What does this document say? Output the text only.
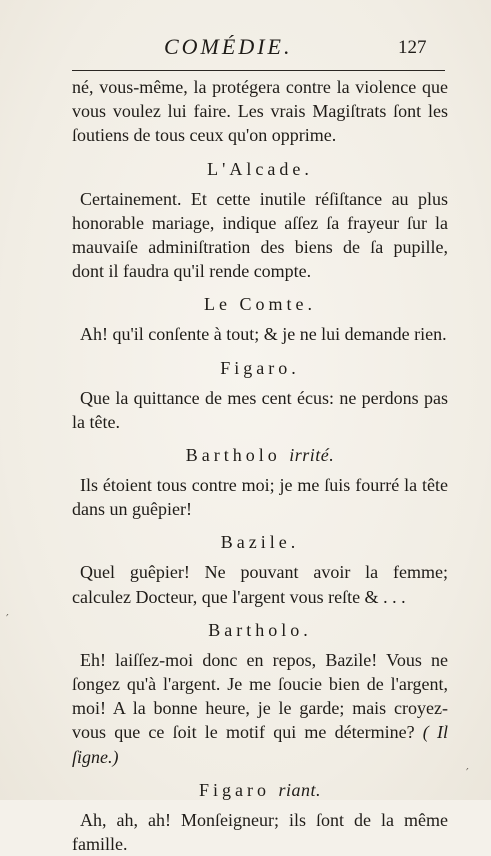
COMÉDIE.	127

né, vous-même, la protégera contre la violence que vous voulez lui faire. Les vrais Magiſtrats ſont les ſoutiens de tous ceux qu'on opprime.

L'Alcade.

Certainement. Et cette inutile réſiſtance au plus honorable mariage, indique aſſez ſa frayeur ſur la mauvaiſe adminiſtration des biens de ſa pupille, dont il faudra qu'il rende compte.

Le Comte.

Ah! qu'il conſente à tout; & je ne lui demande rien.

Figaro.

Que la quittance de mes cent écus: ne perdons pas la tête.

Bartholo irrité.

Ils étoient tous contre moi; je me ſuis fourré la tête dans un guêpier!

Bazile.

Quel guêpier! Ne pouvant avoir la femme; calculez Docteur, que l'argent vous reſte & . . .

Bartholo.

Eh! laiſſez-moi donc en repos, Bazile! Vous ne ſongez qu'à l'argent. Je me ſoucie bien de l'argent, moi! A la bonne heure, je le garde; mais croyez-vous que ce ſoit le motif qui me détermine? ( Il ſigne.)

Figaro riant.

Ah, ah, ah! Monſeigneur; ils ſont de la même famille.

′
′
